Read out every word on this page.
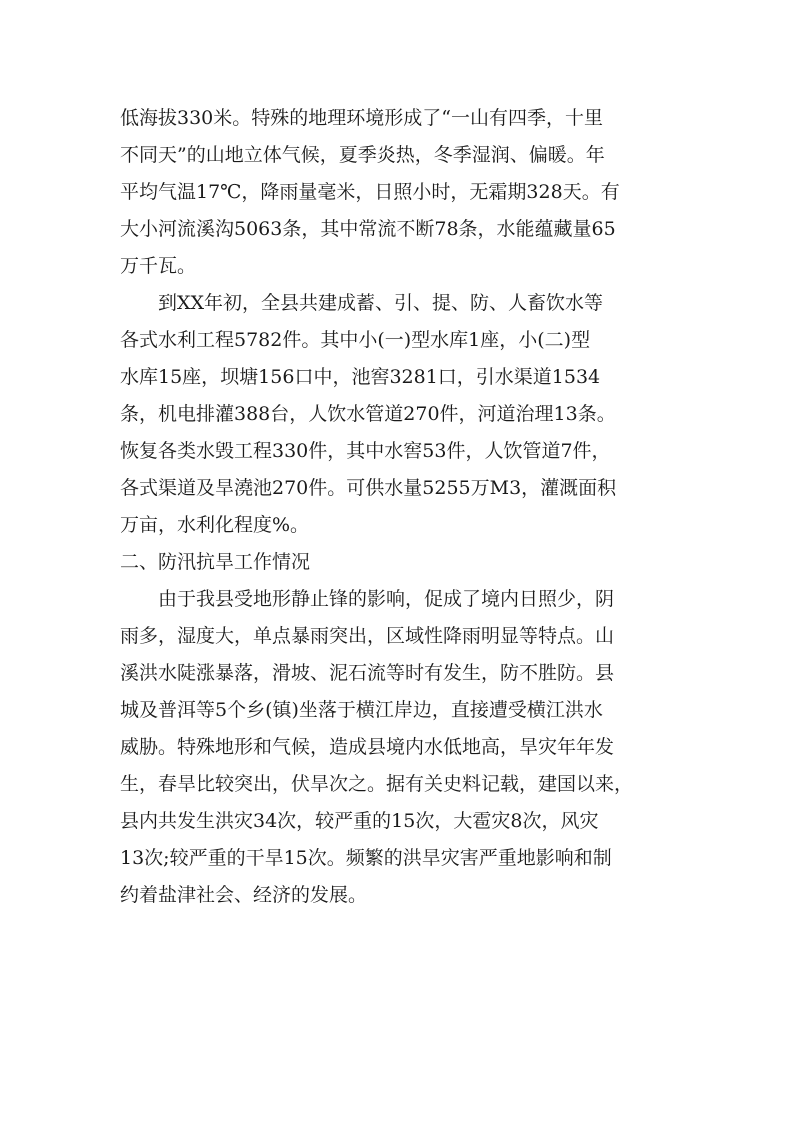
低海拔330米。特殊的地理环境形成了“一山有四季，十里
不同天”的山地立体气候，夏季炎热，冬季湿润、偏暖。年
平均气温17℃，降雨量毫米，日照小时，无霜期328天。有
大小河流溪沟5063条，其中常流不断78条，水能蕴藏量65
万千瓦。
到XX年初，全县共建成蓄、引、提、防、人畜饮水等
各式水利工程5782件。其中小(一)型水库1座，小(二)型
水库15座，坝塘156口中，池窖3281口，引水渠道1534
条，机电排灌388台，人饮水管道270件，河道治理13条。
恢复各类水毁工程330件，其中水窖53件，人饮管道7件，
各式渠道及旱澆池270件。可供水量5255万M3，灌溉面积
万亩，水利化程度%。
二、防汛抗旱工作情况
由于我县受地形静止锋的影响，促成了境内日照少，阴
雨多，湿度大，单点暴雨突出，区域性降雨明显等特点。山
溪洪水陡涨暴落，滑坡、泥石流等时有发生，防不胜防。县
城及普洱等5个乡(镇)坐落于横江岸边，直接遭受横江洪水
威胁。特殊地形和气候，造成县境内水低地高，旱灾年年发
生，春旱比较突出，伏旱次之。据有关史料记载，建国以来，
县内共发生洪灾34次，较严重的15次，大雹灾8次，风灾
13次;较严重的干旱15次。频繁的洪旱灾害严重地影响和制
约着盐津社会、经济的发展。
